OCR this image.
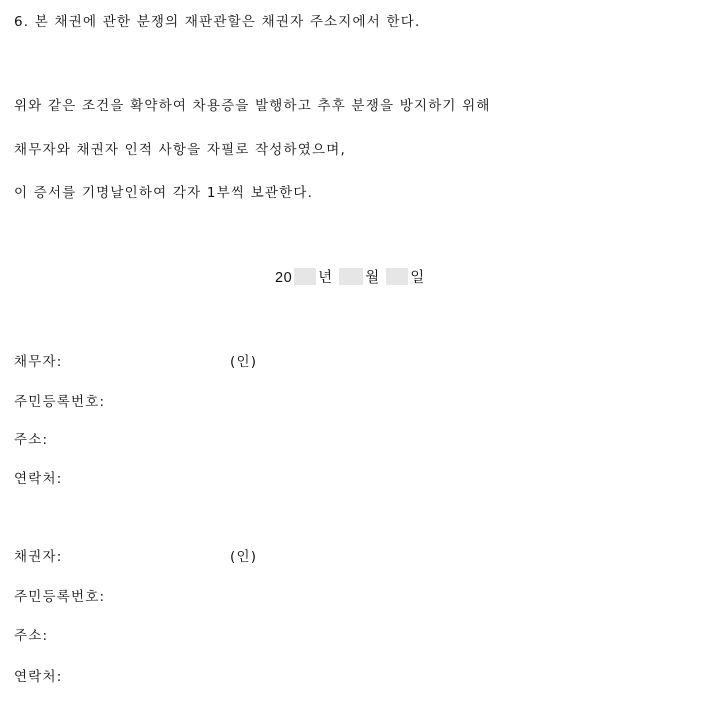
6. 본 채권에 관한 분쟁의 재판관할은 채권자 주소지에서 한다.
위와 같은 조건을 확약하여 차용증을 발행하고 추후 분쟁을 방지하기 위해
채무자와 채권자 인적 사항을 자필로 작성하였으며,
이 증서를 기명날인하여 각자 1부씩 보관한다.
20 년 월 일
채무자:	(인)
주민등록번호:
주소:
연락처:
채권자:	(인)
주민등록번호:
주소:
연락처:
